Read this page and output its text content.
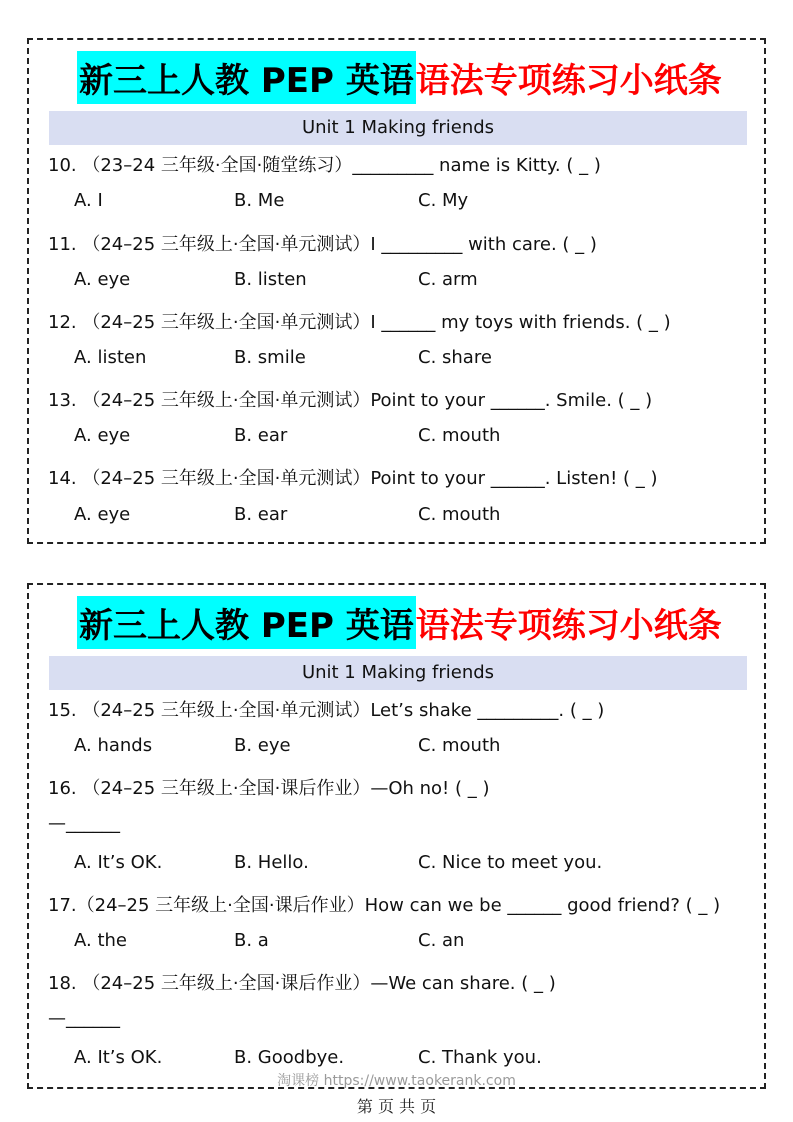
新三上人教 PEP 英语 语法专项练习小纸条
Unit 1 Making friends
10. （23–24 三年级·全国·随堂练习）_________ name is Kitty. ( _ )
A. I	B. Me	C. My
11. （24–25 三年级上·全国·单元测试）I _________ with care. ( _ )
A. eye	B. listen	C. arm
12. （24–25 三年级上·全国·单元测试）I ______ my toys with friends. ( _ )
A. listen	B. smile	C. share
13. （24–25 三年级上·全国·单元测试）Point to your ______. Smile. ( _ )
A. eye	B. ear	C. mouth
14. （24–25 三年级上·全国·单元测试）Point to your ______. Listen! ( _ )
A. eye	B. ear	C. mouth
新三上人教 PEP 英语 语法专项练习小纸条
Unit 1 Making friends
15. （24–25 三年级上·全国·单元测试）Let’s shake _________. ( _ )
A. hands	B. eye	C. mouth
16. （24–25 三年级上·全国·课后作业）—Oh no! ( _ )
—______
A. It’s OK.	B. Hello.	C. Nice to meet you.
17.（24–25 三年级上·全国·课后作业）How can we be ______ good friend? ( _ )
A. the	B. a	C. an
18. （24–25 三年级上·全国·课后作业）—We can share. ( _ )
—______
A. It’s OK.	B. Goodbye.	C. Thank you.
淘课榜 https://www.taokerank.com
第 页 共 页
